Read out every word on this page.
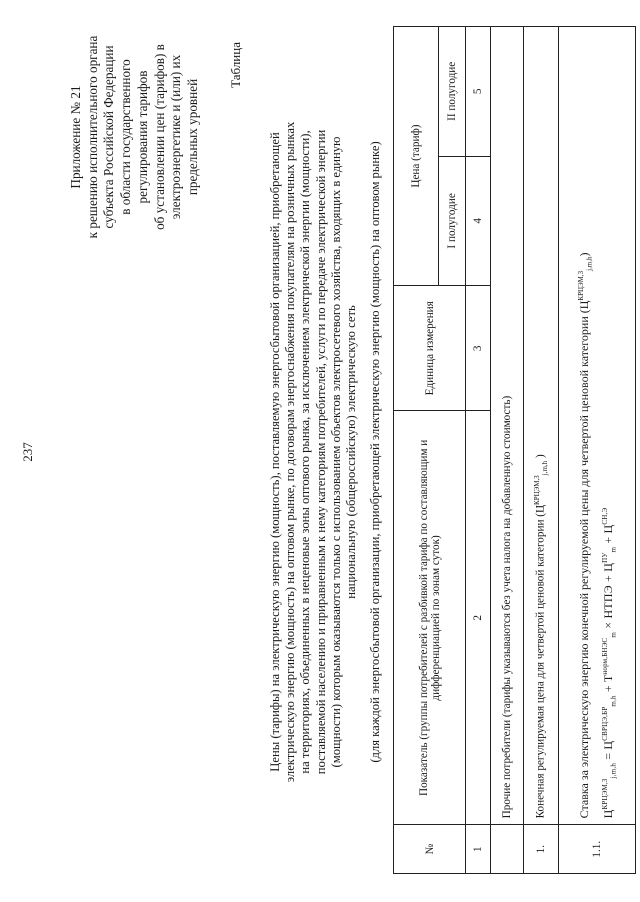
237
Приложение № 21 к решению исполнительного органа субъекта Российской Федерации в области государственного регулирования тарифов об установлении цен (тарифов) в электроэнергетике и (или) их предельных уровней
Таблица
Цены (тарифы) на электрическую энергию (мощность), поставляемую энергосбытовой организацией, приобретающей электрическую энергию (мощность) на оптовом рынке, по договорам энергоснабжения покупателям на розничных рынках на территориях, объединенных в неценовые зоны оптового рынка, за исключением электрической энергии (мощности), поставляемой населению и приравненным к нему категориям потребителей, услуги по передаче электрической энергии (мощности) которым оказываются только с использованием объектов электросетевого хозяйства, входящих в единую национальную (общероссийскую) электрическую сеть (для каждой энергосбытовой организации, приобретающей электрическую энергию (мощность) на оптовом рынке)
№	Показатель (группы потребителей с разбивкой тарифа по составляющим и дифференциацией по зонам суток)	Единица измерения	Цена (тариф)	
			I полугодие	II полугодие
1	2	3	4	5
	Прочие потребители (тарифы указываются без учета налога на добавленную стоимость)			
1.	Конечная регулируемая цена для четвертой ценовой категории ($Ц^{КРЦЭМ,З}_{j,m,h}$ )			
1.1.	Ставка за электрическую энергию конечной регулируемой цены для четвертой ценовой категории $(Ц^{КРЦЭМ,З}_{j,m,h})$
$Ц^{КРЦЭМ,З}_{j,m,h} = Ц^{СВРЦЭ,БР}_{m,h} + T^{норм,БНЭС}_m$ × НТПЭ + $Ц^{ПУ}_m + Ц^{СН,Э}$
